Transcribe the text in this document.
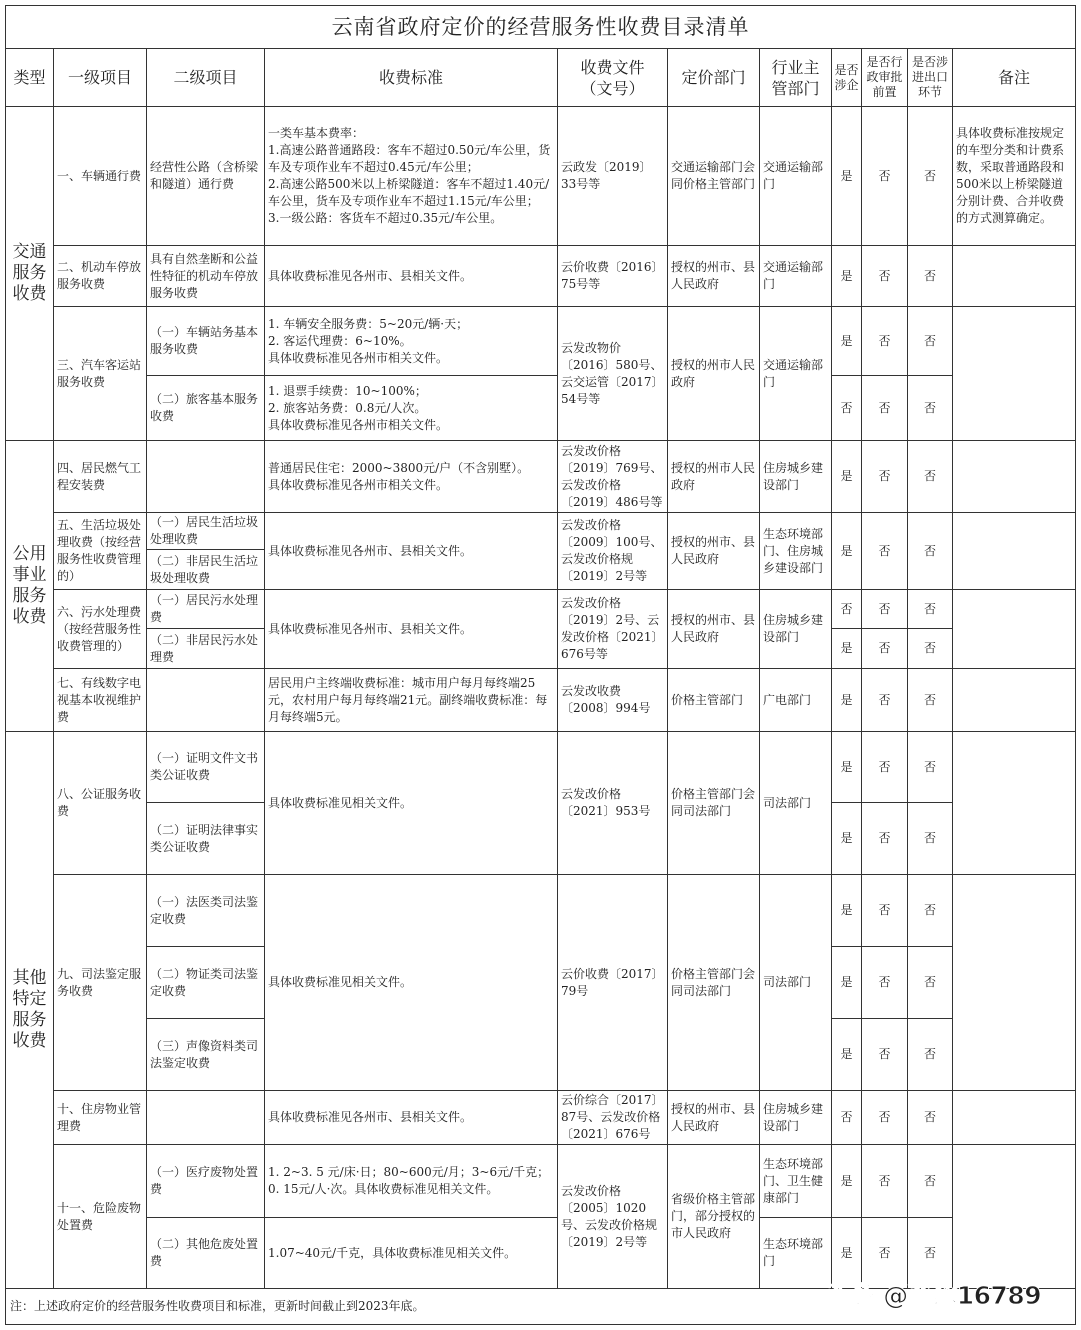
云南省政府定价的经营服务性收费目录清单
类型	一级项目	二级项目	收费标准	收费文件
（文号）	定价部门	行业主
管部门	是否
涉企	是否行
政审批
前置	是否涉
进出口
环节	备注
交通
服务
收费	一、车辆通行费	经营性公路（含桥梁和隧道）通行费	一类车基本费率：
1.高速公路普通路段：客车不超过0.50元/车公里，货车及专项作业车不超过0.45元/车公里；
2.高速公路500米以上桥梁隧道：客车不超过1.40元/车公里，货车及专项作业车不超过1.15元/车公里；
3.一级公路：客货车不超过0.35元/车公里。	云政发〔2019〕33号等	交通运输部门会同价格主管部门	交通运输部门	是	否	否	具体收费标准按规定的车型分类和计费系数，采取普通路段和500米以上桥梁隧道分别计费、合并收费的方式测算确定。
二、机动车停放服务收费	具有自然垄断和公益性特征的机动车停放服务收费	具体收费标准见各州市、县相关文件。	云价收费〔2016〕75号等	授权的州市、县人民政府	交通运输部门	是	否	否	
三、汽车客运站服务收费	（一）车辆站务基本服务收费	1. 车辆安全服务费：5~20元/辆·天；
2. 客运代理费：6~10%。
具体收费标准见各州市相关文件。	云发改物价〔2016〕580号、云交运管〔2017〕54号等	授权的州市人民政府	交通运输部门	是	否	否	
（二）旅客基本服务收费	1. 退票手续费：10~100%；
2. 旅客站务费：0.8元/人次。
具体收费标准见各州市相关文件。	否	否	否
公用
事业
服务
收费	四、居民燃气工程安装费		普通居民住宅：2000~3800元/户（不含别墅）。
具体收费标准见各州市相关文件。	云发改价格〔2019〕769号、云发改价格〔2019〕486号等	授权的州市人民政府	住房城乡建设部门	是	否	否	
五、生活垃圾处理收费（按经营服务性收费管理的）	（一）居民生活垃圾处理收费	具体收费标准见各州市、县相关文件。	云发改价格〔2009〕100号、云发改价格规〔2019〕2号等	授权的州市、县人民政府	生态环境部门、住房城乡建设部门	是	否	否	
（二）非居民生活垃圾处理收费
六、污水处理费（按经营服务性收费管理的）	（一）居民污水处理费	具体收费标准见各州市、县相关文件。	云发改价格〔2019〕2号、云发改价格〔2021〕676号等	授权的州市、县人民政府	住房城乡建设部门	否	否	否	
（二）非居民污水处理费	是	否	否
七、有线数字电视基本收视维护费		居民用户主终端收费标准：城市用户每月每终端25元，农村用户每月每终端21元。副终端收费标准：每月每终端5元。	云发改收费〔2008〕994号	价格主管部门	广电部门	是	否	否	
其他
特定
服务
收费	八、公证服务收费	（一）证明文件文书类公证收费	具体收费标准见相关文件。	云发改价格〔2021〕953号	价格主管部门会同司法部门	司法部门	是	否	否	
（二）证明法律事实类公证收费	是	否	否
九、司法鉴定服务收费	（一）法医类司法鉴定收费	具体收费标准见相关文件。	云价收费〔2017〕79号	价格主管部门会同司法部门	司法部门	是	否	否	
（二）物证类司法鉴定收费	是	否	否
（三）声像资料类司法鉴定收费	是	否	否
十、住房物业管理费		具体收费标准见各州市、县相关文件。	云价综合〔2017〕87号、云发改价格〔2021〕676号	授权的州市、县人民政府	住房城乡建设部门	否	否	否	
十一、危险废物处置费	（一）医疗废物处置费	1. 2~3. 5 元/床·日；80~600元/月；3~6元/千克；0. 15元/人·次。具体收费标准见相关文件。	云发改价格〔2005〕1020号、云发改价格规〔2019〕2号等	省级价格主管部门，部分授权的市人民政府	生态环境部门、卫生健康部门	是	否	否	
（二）其他危废处置费	1.07~40元/千克，具体收费标准见相关文件。	生态环境部门	是	否	否
注：上述政府定价的经营服务性收费项目和标准，更新时间截止到2023年底。	头条 @蓝冰16789
